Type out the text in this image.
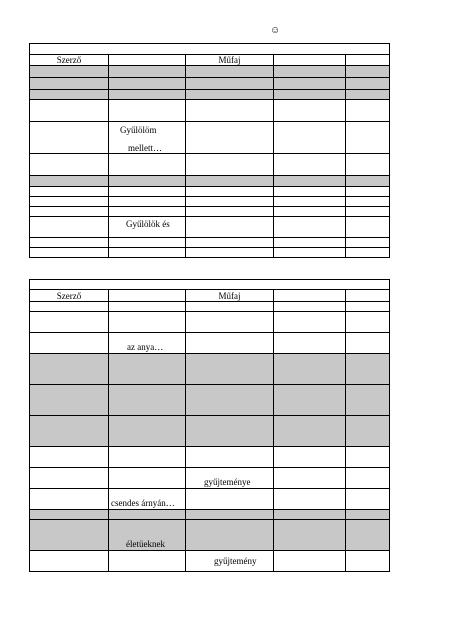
☺

Szerző		Műfaj		

	Gyűlölöm
mellett…			

	Gyűlölök és			

Szerző		Műfaj		

	az anya…			

		gyűjteménye		

	csendes árnyán…			

	életüeknek			

		gyűjtemény		
